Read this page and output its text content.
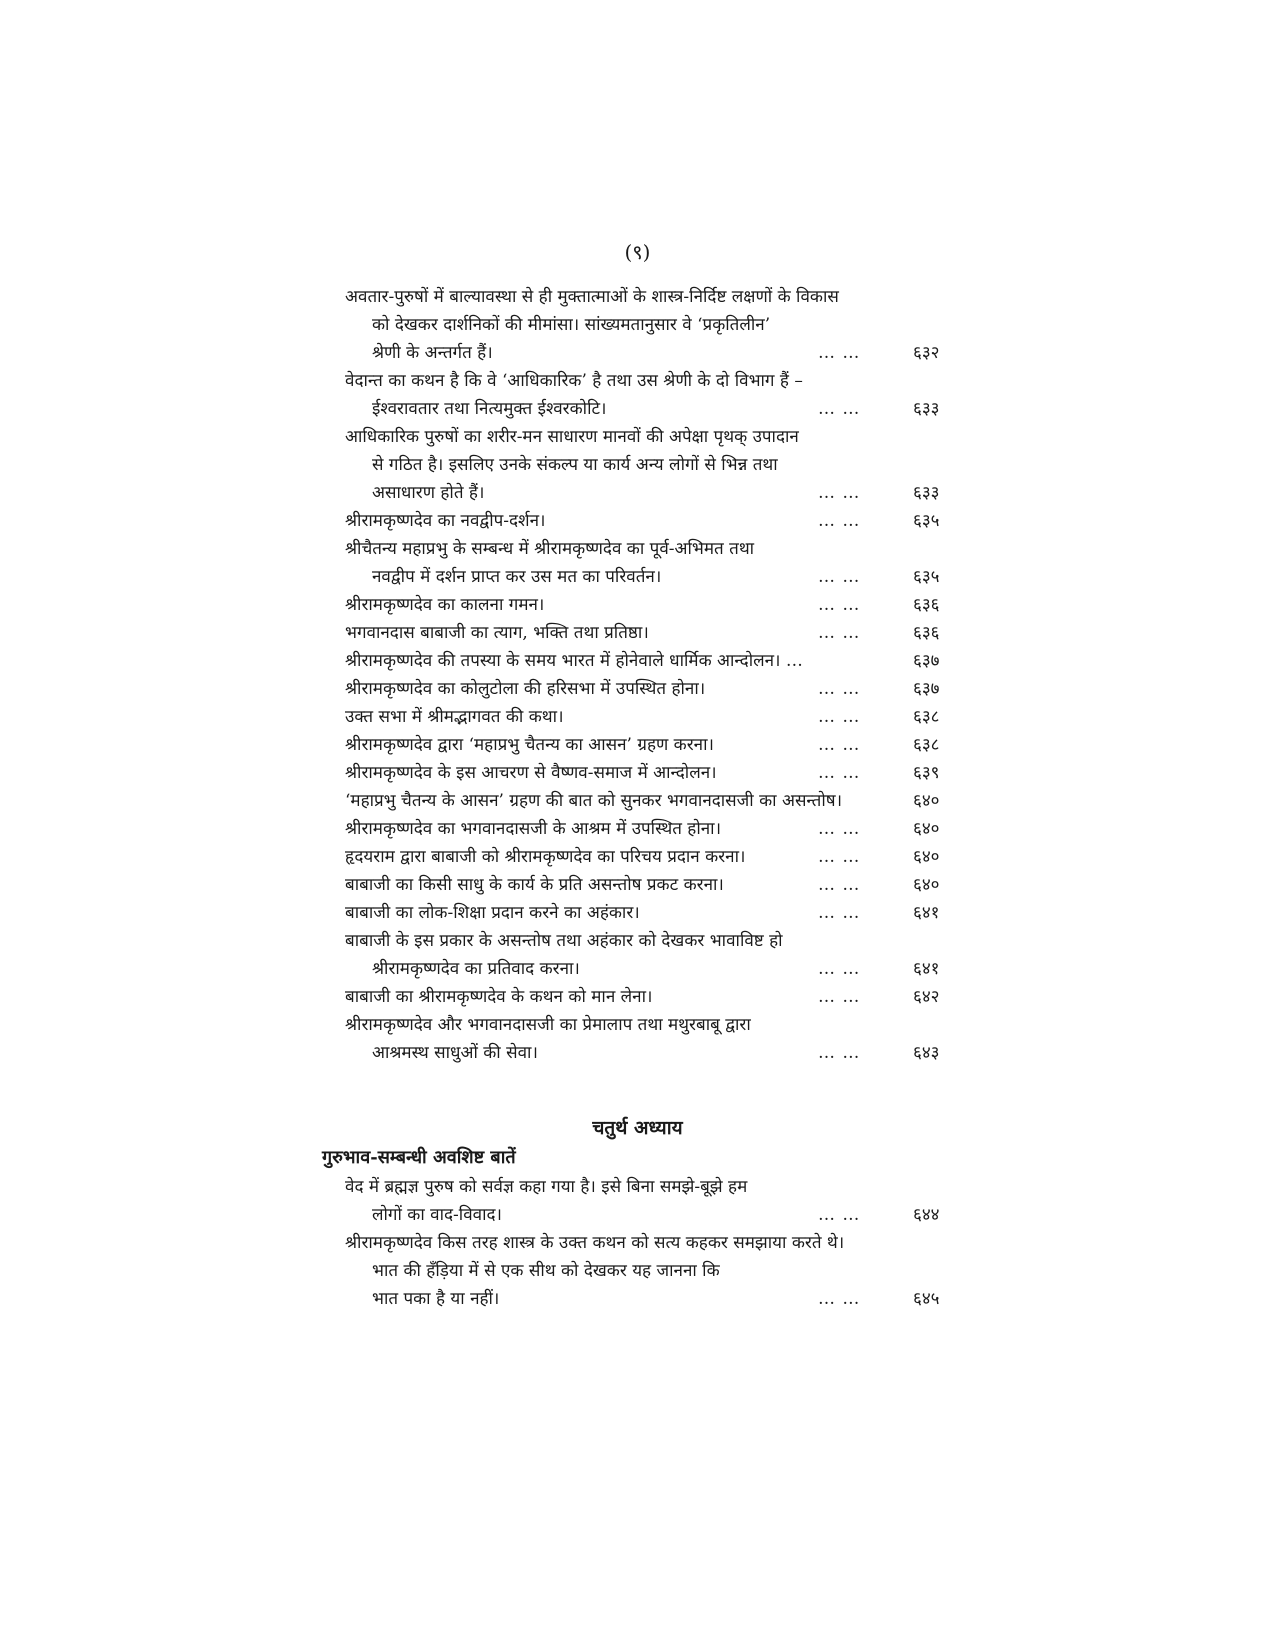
(९)
चतुर्थ अध्याय
गुरुभाव-सम्बन्धी अवशिष्ट बातें
अवतार-पुरुषों में बाल्यावस्था से ही मुक्तात्माओं के शास्त्र-निर्दिष्ट लक्षणों के विकास
को देखकर दार्शनिकों की मीमांसा। सांख्यमतानुसार वे ‘प्रकृतिलीन’
श्रेणी के अन्तर्गत हैं।	… …	६३२
वेदान्त का कथन है कि वे ‘आधिकारिक’ है तथा उस श्रेणी के दो विभाग हैं –
ईश्वरावतार तथा नित्यमुक्त ईश्वरकोटि।	… …	६३३
आधिकारिक पुरुषों का शरीर-मन साधारण मानवों की अपेक्षा पृथक् उपादान
से गठित है। इसलिए उनके संकल्प या कार्य अन्य लोगों से भिन्न तथा
असाधारण होते हैं।	… …	६३३
श्रीरामकृष्णदेव का नवद्वीप-दर्शन।	… …	६३५
श्रीचैतन्य महाप्रभु के सम्बन्ध में श्रीरामकृष्णदेव का पूर्व-अभिमत तथा
नवद्वीप में दर्शन प्राप्त कर उस मत का परिवर्तन।	… …	६३५
श्रीरामकृष्णदेव का कालना गमन।	… …	६३६
भगवानदास बाबाजी का त्याग, भक्ति तथा प्रतिष्ठा।	… …	६३६
श्रीरामकृष्णदेव की तपस्या के समय भारत में होनेवाले धार्मिक आन्दोलन। …	६३७
श्रीरामकृष्णदेव का कोलुटोला की हरिसभा में उपस्थित होना।	… …	६३७
उक्त सभा में श्रीमद्भागवत की कथा।	… …	६३८
श्रीरामकृष्णदेव द्वारा ‘महाप्रभु चैतन्य का आसन’ ग्रहण करना।	… …	६३८
श्रीरामकृष्णदेव के इस आचरण से वैष्णव-समाज में आन्दोलन।	… …	६३९
‘महाप्रभु चैतन्य के आसन’ ग्रहण की बात को सुनकर भगवानदासजी का असन्तोष।	६४०
श्रीरामकृष्णदेव का भगवानदासजी के आश्रम में उपस्थित होना।	… …	६४०
हृदयराम द्वारा बाबाजी को श्रीरामकृष्णदेव का परिचय प्रदान करना।	… …	६४०
बाबाजी का किसी साधु के कार्य के प्रति असन्तोष प्रकट करना।	… …	६४०
बाबाजी का लोक-शिक्षा प्रदान करने का अहंकार।	… …	६४१
बाबाजी के इस प्रकार के असन्तोष तथा अहंकार को देखकर भावाविष्ट हो
श्रीरामकृष्णदेव का प्रतिवाद करना।	… …	६४१
बाबाजी का श्रीरामकृष्णदेव के कथन को मान लेना।	… …	६४२
श्रीरामकृष्णदेव और भगवानदासजी का प्रेमालाप तथा मथुरबाबू द्वारा
आश्रमस्थ साधुओं की सेवा।	… …	६४३
वेद में ब्रह्मज्ञ पुरुष को सर्वज्ञ कहा गया है। इसे बिना समझे-बूझे हम
लोगों का वाद-विवाद।	… …	६४४
श्रीरामकृष्णदेव किस तरह शास्त्र के उक्त कथन को सत्य कहकर समझाया करते थे।
भात की हँड़िया में से एक सीथ को देखकर यह जानना कि
भात पका है या नहीं।	… …	६४५
